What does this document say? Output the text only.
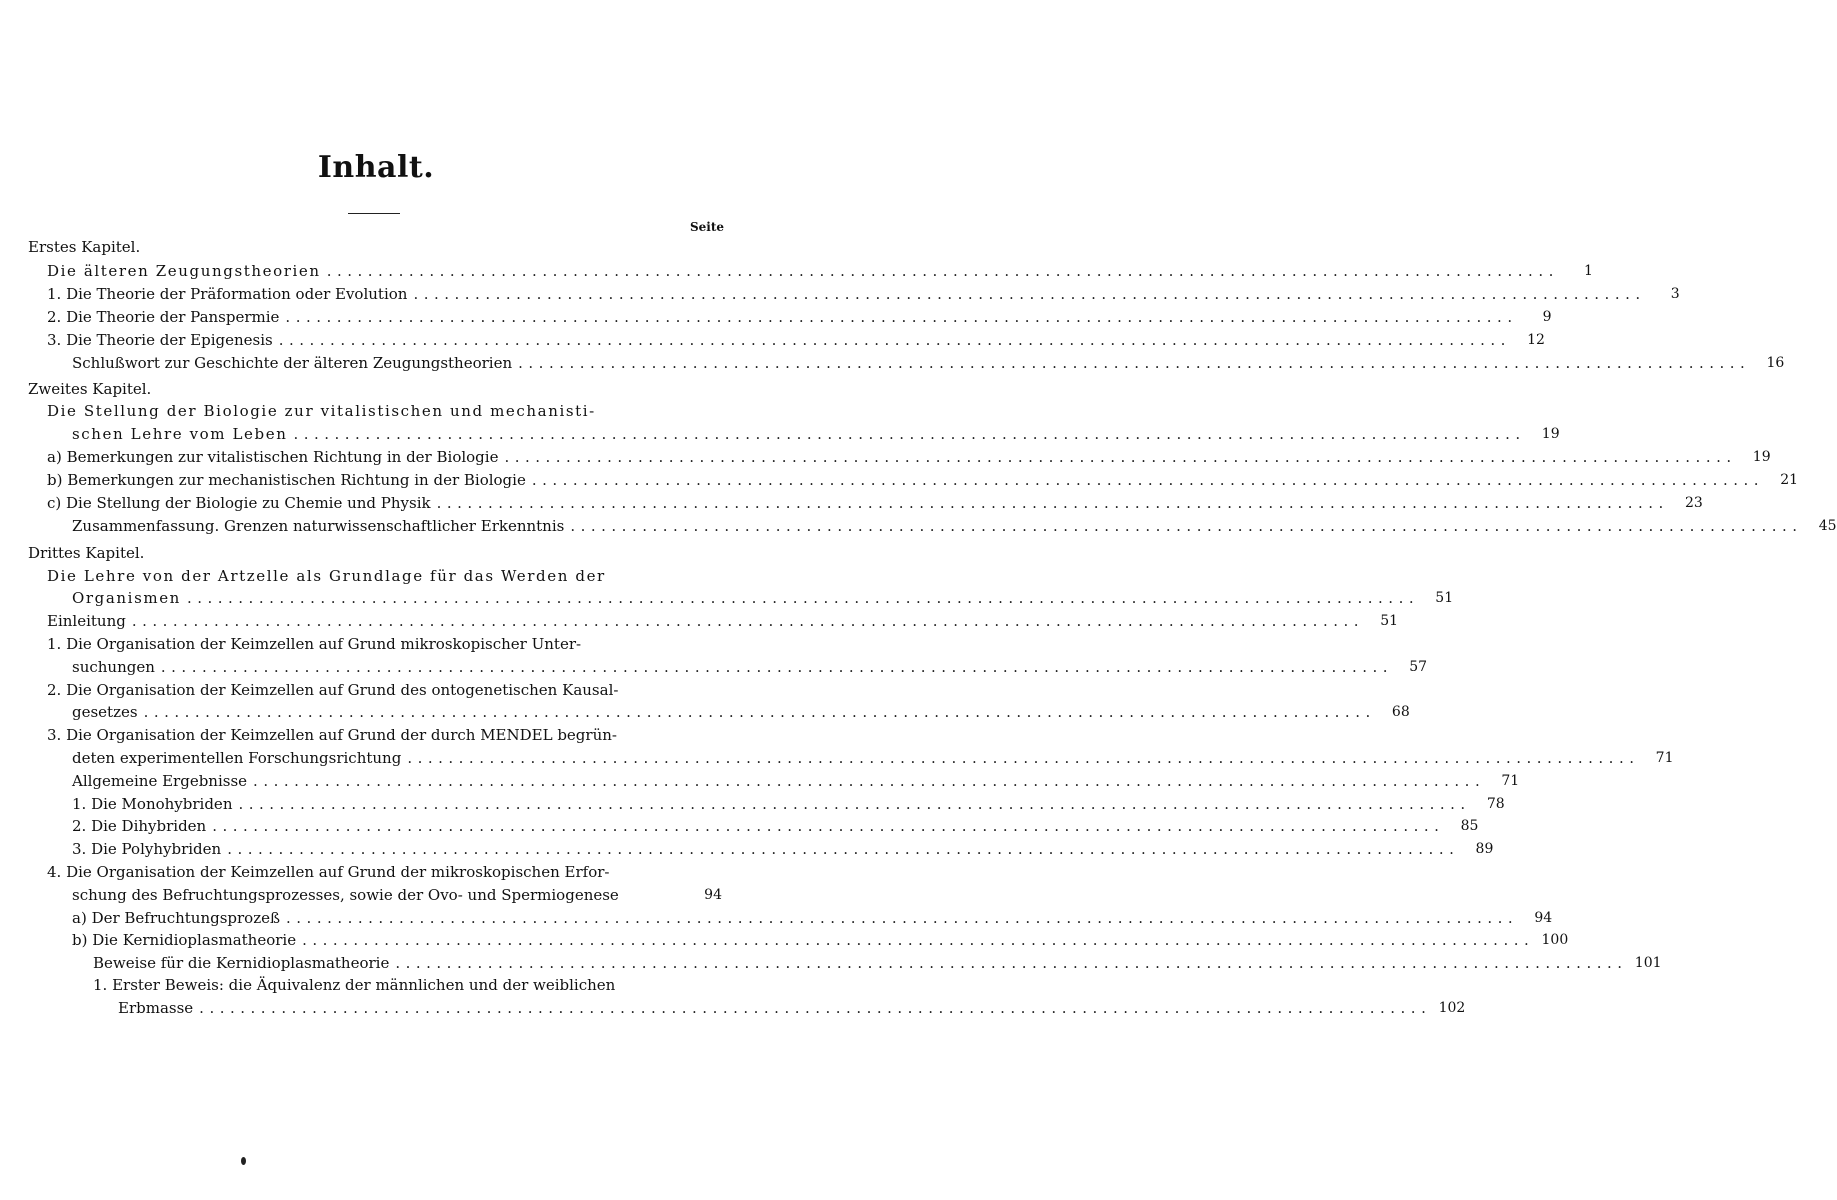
Inhalt.
Seite
Erstes Kapitel.
Die älteren Zeugungstheorien ........................................................................................................................	1
1. Die Theorie der Präformation oder Evolution ........................................................................................................................	3
2. Die Theorie der Panspermie ........................................................................................................................	9
3. Die Theorie der Epigenesis ........................................................................................................................	12
Schlußwort zur Geschichte der älteren Zeugungstheorien ........................................................................................................................	16
Zweites Kapitel.
Die Stellung der Biologie zur vitalistischen und mechanisti-
schen Lehre vom Leben ........................................................................................................................	19
a) Bemerkungen zur vitalistischen Richtung in der Biologie ........................................................................................................................	19
b) Bemerkungen zur mechanistischen Richtung in der Biologie ........................................................................................................................	21
c) Die Stellung der Biologie zu Chemie und Physik ........................................................................................................................	23
Zusammenfassung. Grenzen naturwissenschaftlicher Erkenntnis ........................................................................................................................	45
Drittes Kapitel.
Die Lehre von der Artzelle als Grundlage für das Werden der
Organismen ........................................................................................................................	51
Einleitung ........................................................................................................................	51
1. Die Organisation der Keimzellen auf Grund mikroskopischer Unter-
suchungen ........................................................................................................................	57
2. Die Organisation der Keimzellen auf Grund des ontogenetischen Kausal-
gesetzes ........................................................................................................................	68
3. Die Organisation der Keimzellen auf Grund der durch MENDEL begrün-
deten experimentellen Forschungsrichtung ........................................................................................................................	71
Allgemeine Ergebnisse ........................................................................................................................	71
1. Die Monohybriden ........................................................................................................................	78
2. Die Dihybriden ........................................................................................................................	85
3. Die Polyhybriden ........................................................................................................................	89
4. Die Organisation der Keimzellen auf Grund der mikroskopischen Erfor-
schung des Befruchtungsprozesses, sowie der Ovo- und Spermiogenese	94
a) Der Befruchtungsprozeß ........................................................................................................................	94
b) Die Kernidioplasmatheorie ........................................................................................................................ 100
Beweise für die Kernidioplasmatheorie ........................................................................................................................ 101
1. Erster Beweis: die Äquivalenz der männlichen und der weiblichen
Erbmasse ........................................................................................................................ 102
